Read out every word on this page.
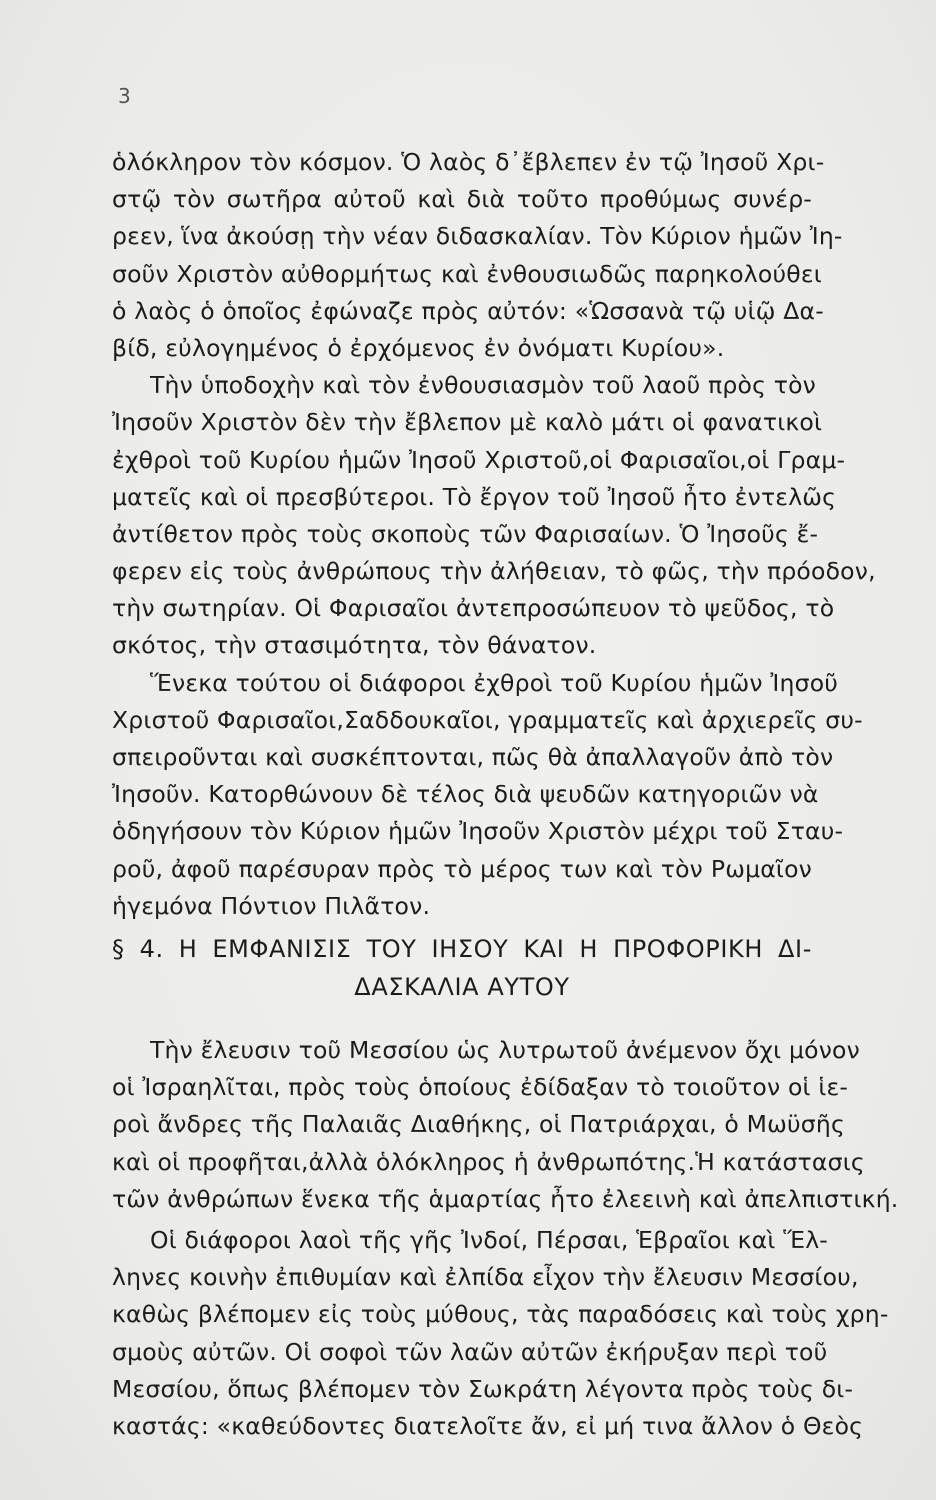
3
ὁλόκληρον τὸν κόσμον. Ὁ λαὸς δ᾽ἔβλεπεν ἐν τῷ Ἰησοῦ Χρι-
στῷ τὸν σωτῆρα αὐτοῦ καὶ διὰ τοῦτο προθύμως συνέρ-
ρεεν, ἵνα ἀκούσῃ τὴν νέαν διδασκαλίαν. Τὸν Κύριον ἡμῶν Ἰη-
σοῦν Χριστὸν αὐθορμήτως καὶ ἐνθουσιωδῶς παρηκολούθει
ὁ λαὸς ὁ ὁποῖος ἐφώναζε πρὸς αὐτόν: «Ὡσσανὰ τῷ υἱῷ Δα-
βίδ, εὐλογημένος ὁ ἐρχόμενος ἐν ὀνόματι Κυρίου».
Τὴν ὑποδοχὴν καὶ τὸν ἐνθουσιασμὸν τοῦ λαοῦ πρὸς τὸν
Ἰησοῦν Χριστὸν δὲν τὴν ἔβλεπον μὲ καλὸ μάτι οἱ φανατικοὶ
ἐχθροὶ τοῦ Κυρίου ἡμῶν Ἰησοῦ Χριστοῦ,οἱ Φαρισαῖοι,οἱ Γραμ-
ματεῖς καὶ οἱ πρεσβύτεροι. Τὸ ἔργον τοῦ Ἰησοῦ ἦτο ἐντελῶς
ἀντίθετον πρὸς τοὺς σκοποὺς τῶν Φαρισαίων. Ὁ Ἰησοῦς ἔ-
φερεν εἰς τοὺς ἀνθρώπους τὴν ἀλήθειαν, τὸ φῶς, τὴν πρόοδον,
τὴν σωτηρίαν. Οἱ Φαρισαῖοι ἀντεπροσώπευον τὸ ψεῦδος, τὸ
σκότος, τὴν στασιμότητα, τὸν θάνατον.
Ἕνεκα τούτου οἱ διάφοροι ἐχθροὶ τοῦ Κυρίου ἡμῶν Ἰησοῦ
Χριστοῦ Φαρισαῖοι,Σαδδουκαῖοι, γραμματεῖς καὶ ἀρχιερεῖς συ-
σπειροῦνται καὶ συσκέπτονται, πῶς θὰ ἀπαλλαγοῦν ἀπὸ τὸν
Ἰησοῦν. Κατορθώνουν δὲ τέλος διὰ ψευδῶν κατηγοριῶν νὰ
ὁδηγήσουν τὸν Κύριον ἡμῶν Ἰησοῦν Χριστὸν μέχρι τοῦ Σταυ-
ροῦ, ἀφοῦ παρέσυραν πρὸς τὸ μέρος των καὶ τὸν Ρωμαῖον
ἡγεμόνα Πόντιον Πιλᾶτον.
§ 4. Η ΕΜΦΑΝΙΣΙΣ ΤΟΥ ΙΗΣΟΥ ΚΑΙ Η ΠΡΟΦΟΡΙΚΗ ΔΙ-
ΔΑΣΚΑΛΙΑ ΑΥΤΟΥ
Τὴν ἔλευσιν τοῦ Μεσσίου ὡς λυτρωτοῦ ἀνέμενον ὄχι μόνον
οἱ Ἰσραηλῖται, πρὸς τοὺς ὁποίους ἐδίδαξαν τὸ τοιοῦτον οἱ ἱε-
ροὶ ἄνδρες τῆς Παλαιᾶς Διαθήκης, οἱ Πατριάρχαι, ὁ Μωϋσῆς
καὶ οἱ προφῆται,ἀλλὰ ὁλόκληρος ἡ ἀνθρωπότης.Ἡ κατάστασις
τῶν ἀνθρώπων ἕνεκα τῆς ἁμαρτίας ἦτο ἐλεεινὴ καὶ ἀπελπιστική.
Οἱ διάφοροι λαοὶ τῆς γῆς Ἰνδοί, Πέρσαι, Ἑβραῖοι καὶ Ἕλ-
ληνες κοινὴν ἐπιθυμίαν καὶ ἐλπίδα εἶχον τὴν ἔλευσιν Μεσσίου,
καθὼς βλέπομεν εἰς τοὺς μύθους, τὰς παραδόσεις καὶ τοὺς χρη-
σμοὺς αὐτῶν. Οἱ σοφοὶ τῶν λαῶν αὐτῶν ἐκήρυξαν περὶ τοῦ
Μεσσίου, ὅπως βλέπομεν τὸν Σωκράτη λέγοντα πρὸς τοὺς δι-
καστάς: «καθεύδοντες διατελοῖτε ἄν, εἰ μή τινα ἄλλον ὁ Θεὸς
